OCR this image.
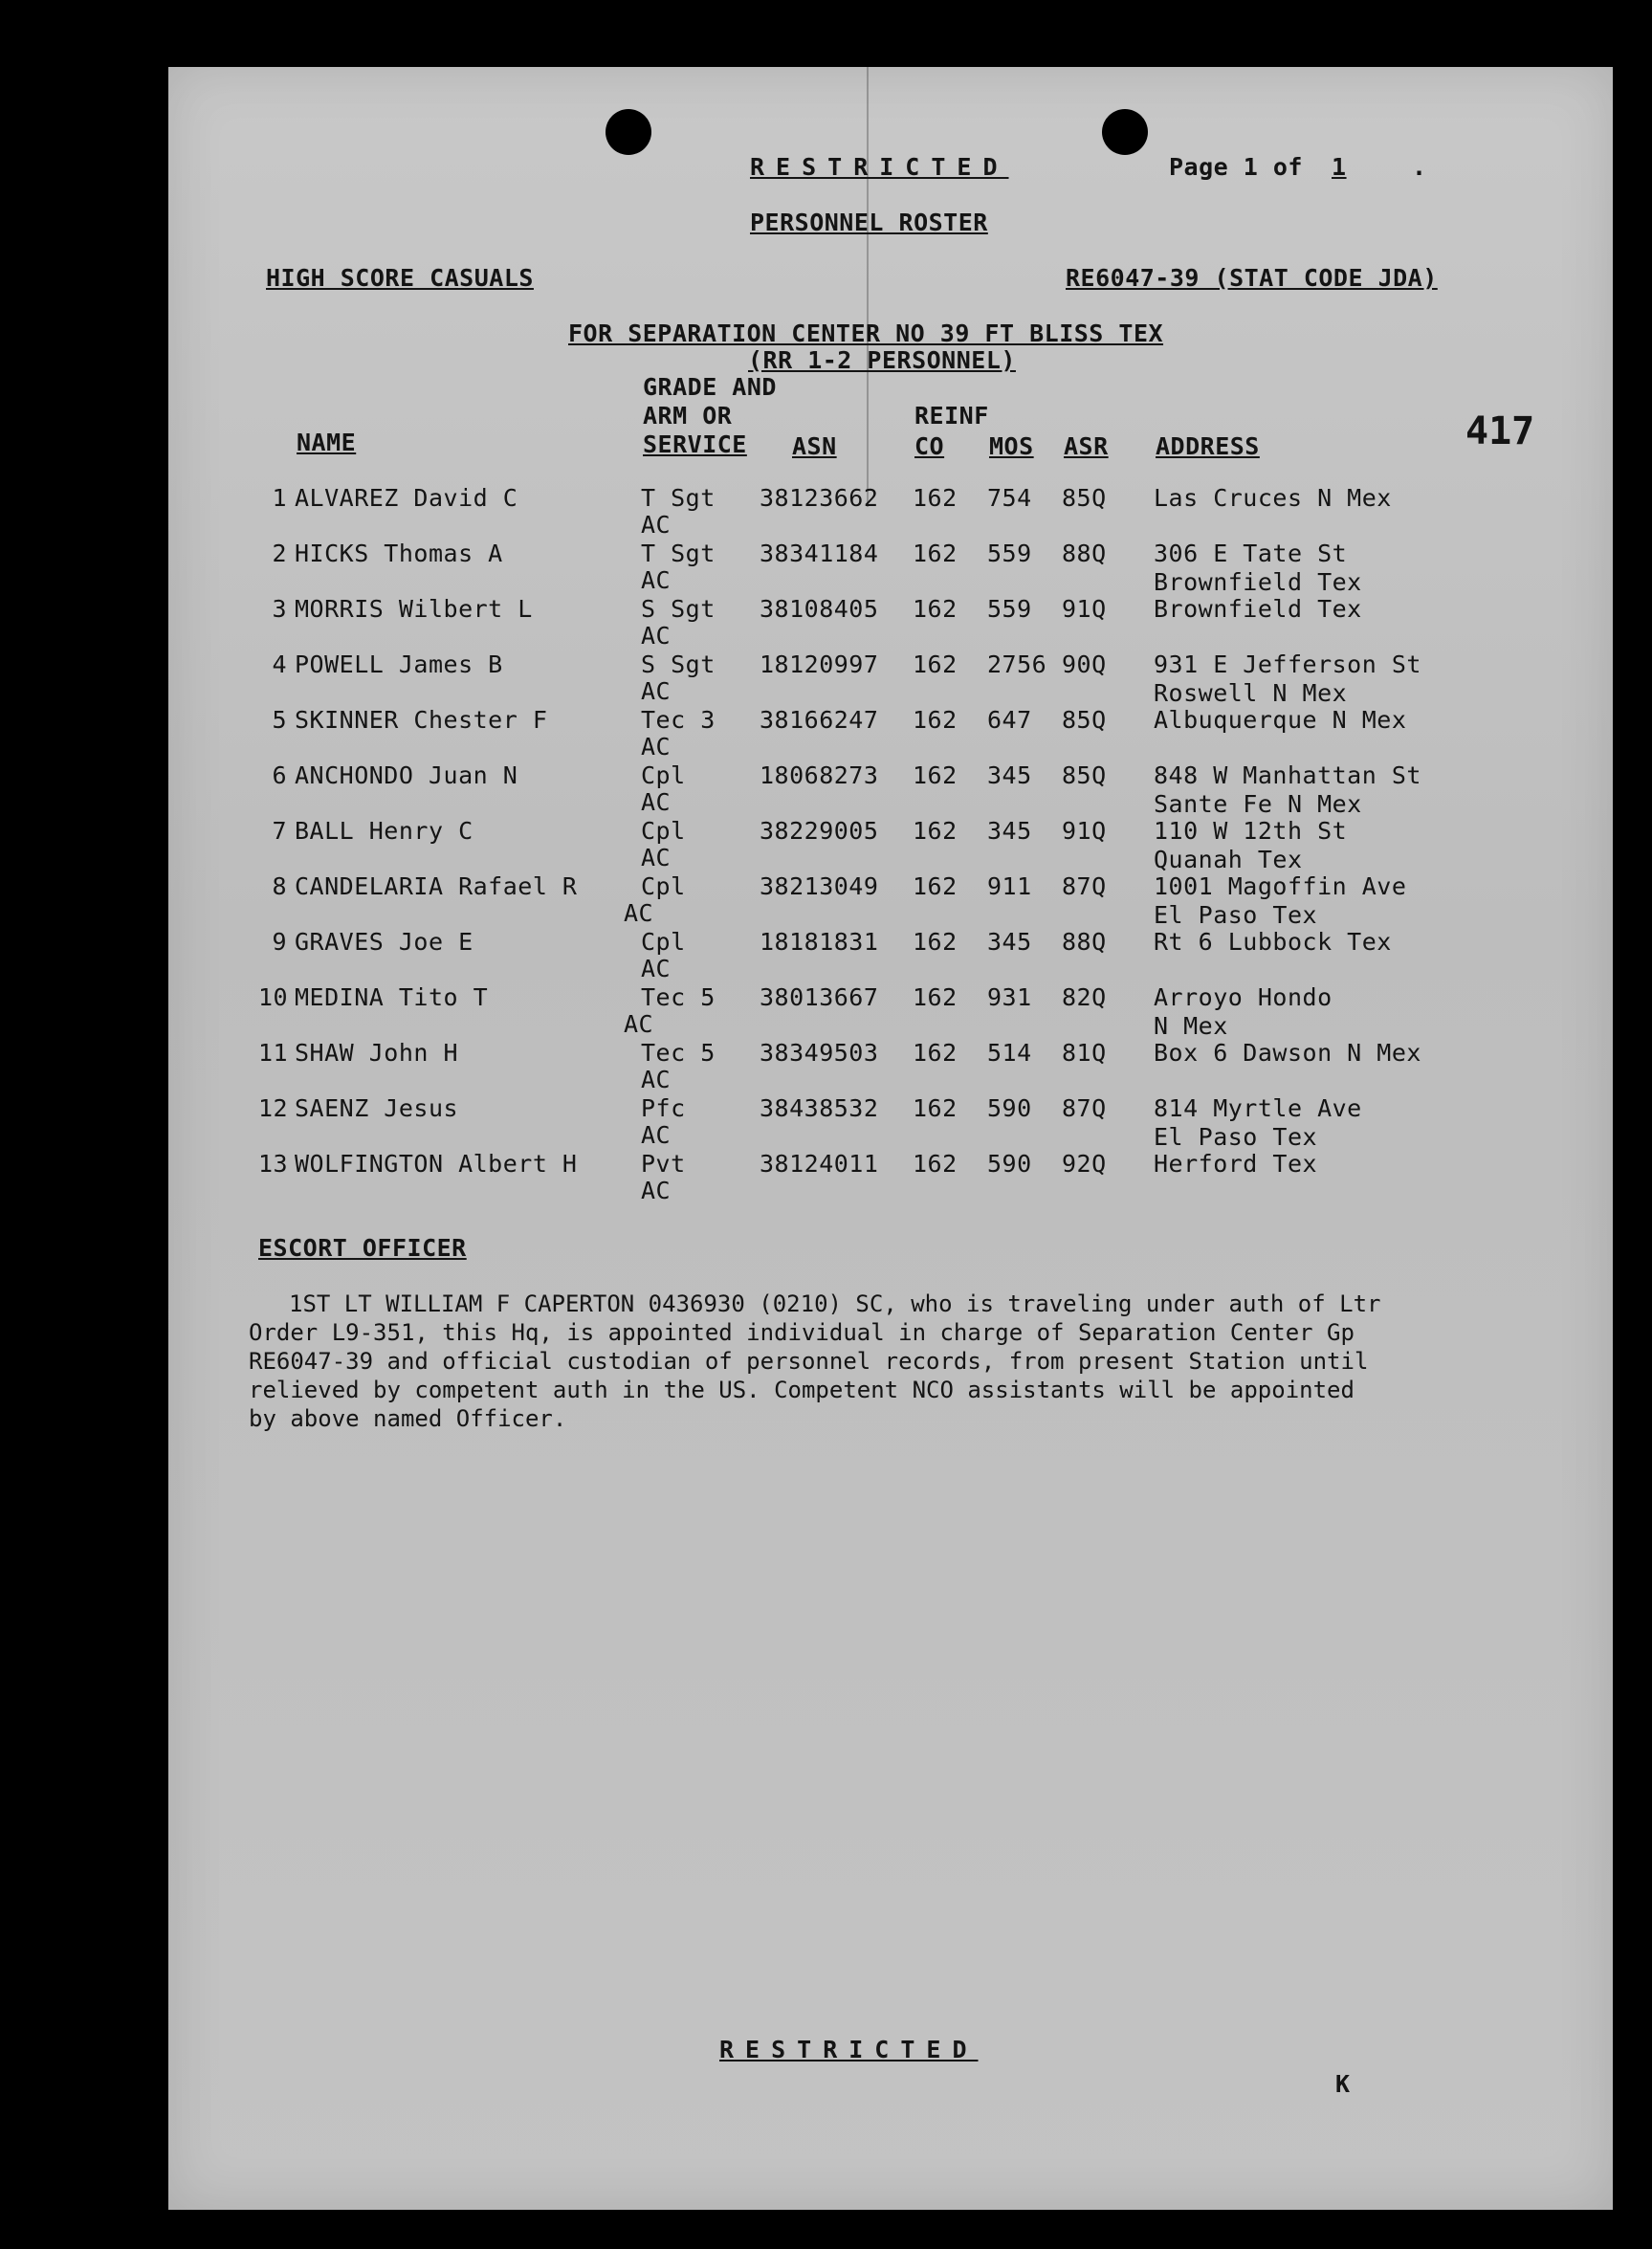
RESTRICTED	Page 1 of	1	.
PERSONNEL ROSTER
HIGH SCORE CASUALS	RE6047-39 (STAT CODE JDA)
FOR SEPARATION CENTER NO 39 FT BLISS TEX
(RR 1-2 PERSONNEL)
417
GRADE AND
ARM OR
SERVICE
NAME	ASN
REINF
CO MOS ASR ADDRESS
1 ALVAREZ David C	T Sgt 38123662 162 754 85Q Las Cruces N Mex
AC
2 HICKS Thomas A	T Sgt 38341184 162 559 88Q 306 E Tate St
AC	Brownfield Tex
3 MORRIS Wilbert L	S Sgt 38108405 162 559 91Q Brownfield Tex
AC
4 POWELL James B	S Sgt 18120997 162 2756 90Q 931 E Jefferson St
AC	Roswell N Mex
5 SKINNER Chester F	Tec 3 38166247 162 647 85Q Albuquerque N Mex
AC
6 ANCHONDO Juan N	Cpl	18068273 162 345 85Q 848 W Manhattan St
AC	Sante Fe N Mex
7 BALL Henry C	Cpl	38229005 162 345 91Q 110 W 12th St
AC	Quanah Tex
8 CANDELARIA Rafael R	Cpl	38213049 162 911 87Q 1001 Magoffin Ave
AC	El Paso Tex
9 GRAVES Joe E	Cpl	18181831 162 345 88Q Rt 6 Lubbock Tex
AC
10 MEDINA Tito T	Tec 5 38013667 162 931 82Q Arroyo Hondo
AC	N Mex
11 SHAW John H	Tec 5 38349503 162 514 81Q Box 6 Dawson N Mex
AC
12 SAENZ Jesus	Pfc	38438532 162 590 87Q 814 Myrtle Ave
AC	El Paso Tex
13 WOLFINGTON Albert H	Pvt	38124011 162 590 92Q Herford Tex
AC
ESCORT OFFICER
1ST LT WILLIAM F CAPERTON 0436930 (0210) SC, who is traveling under auth of Ltr
Order L9-351, this Hq, is appointed individual in charge of Separation Center Gp
RE6047-39 and official custodian of personnel records, from present Station until
relieved by competent auth in the US. Competent NCO assistants will be appointed
by above named Officer.
RESTRICTED
K
